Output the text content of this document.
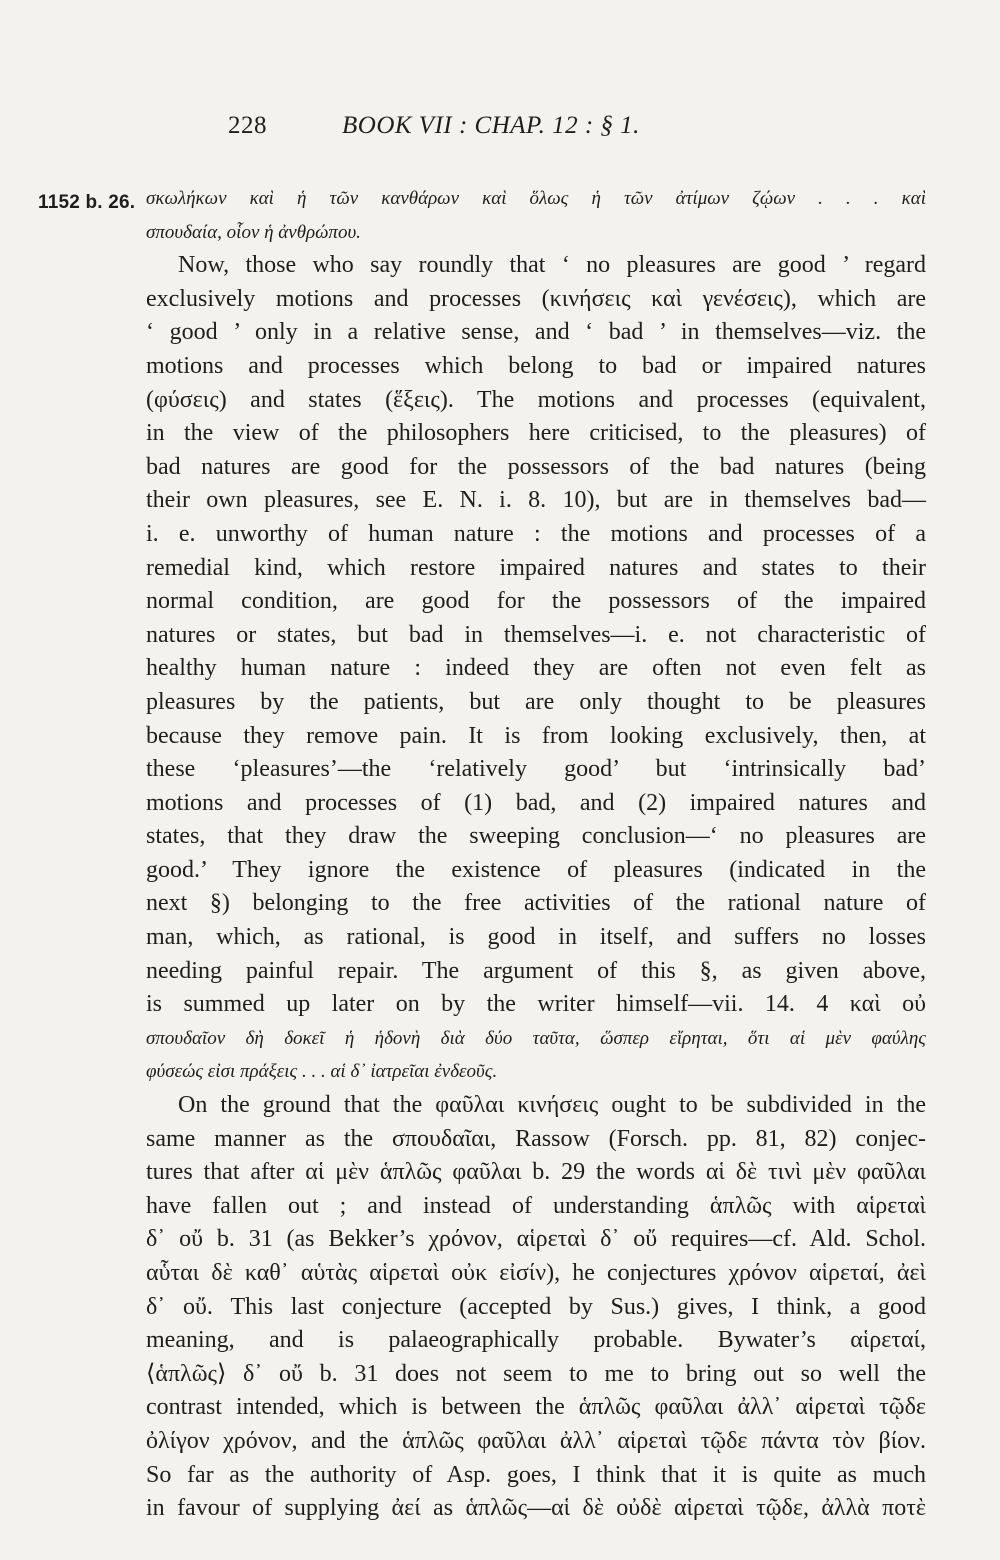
228	BOOK VII : CHAP. 12 : § 1.
1152 b. 26. σκωλήκων καὶ ἡ τῶν κανθάρων καὶ ὅλως ἡ τῶν ἀτίμων ζῴων . . . καὶ
σπουδαία, οἷον ἡ ἀνθρώπου.
Now, those who say roundly that ‘ no pleasures are good ’ regard
exclusively motions and processes (κινήσεις καὶ γενέσεις), which are
‘ good ’ only in a relative sense, and ‘ bad ’ in themselves—viz. the
motions and processes which belong to bad or impaired natures
(φύσεις) and states (ἕξεις). The motions and processes (equivalent,
in the view of the philosophers here criticised, to the pleasures) of
bad natures are good for the possessors of the bad natures (being
their own pleasures, see E. N. i. 8. 10), but are in themselves bad—
i. e. unworthy of human nature : the motions and processes of a
remedial kind, which restore impaired natures and states to their
normal condition, are good for the possessors of the impaired
natures or states, but bad in themselves—i. e. not characteristic of
healthy human nature : indeed they are often not even felt as
pleasures by the patients, but are only thought to be pleasures
because they remove pain. It is from looking exclusively, then, at
these ‘pleasures’—the ‘relatively good’ but ‘intrinsically bad’
motions and processes of (1) bad, and (2) impaired natures and
states, that they draw the sweeping conclusion—‘ no pleasures are
good.’ They ignore the existence of pleasures (indicated in the
next §) belonging to the free activities of the rational nature of
man, which, as rational, is good in itself, and suffers no losses
needing painful repair. The argument of this §, as given above,
is summed up later on by the writer himself—vii. 14. 4 καὶ οὐ
σπουδαῖον δὴ δοκεῖ ἡ ἡδονὴ διὰ δύο ταῦτα, ὥσπερ εἴρηται, ὅτι αἱ μὲν φαύλης
φύσεώς εἰσι πράξεις . . . αἱ δ᾽ ἰατρεῖαι ἐνδεοῦς.
On the ground that the φαῦλαι κινήσεις ought to be subdivided in the
same manner as the σπουδαῖαι, Rassow (Forsch. pp. 81, 82) conjec-
tures that after αἱ μὲν ἁπλῶς φαῦλαι b. 29 the words αἱ δὲ τινὶ μὲν φαῦλαι
have fallen out ; and instead of understanding ἁπλῶς with αἱρεταὶ
δ᾽ οὔ b. 31 (as Bekker’s χρόνον, αἱρεταὶ δ᾽ οὔ requires—cf. Ald. Schol.
αὗται δὲ καθ᾽ αὑτὰς αἱρεταὶ οὐκ εἰσίν), he conjectures χρόνον αἱρεταί, ἀεὶ
δ᾽ οὔ. This last conjecture (accepted by Sus.) gives, I think, a good
meaning, and is palaeographically probable. Bywater’s αἱρεταί,
⟨ἁπλῶς⟩ δ᾽ οὔ b. 31 does not seem to me to bring out so well the
contrast intended, which is between the ἁπλῶς φαῦλαι ἀλλ᾽ αἱρεταὶ τῷδε
ὀλίγον χρόνον, and the ἁπλῶς φαῦλαι ἀλλ᾽ αἱρεταὶ τῷδε πάντα τὸν βίον.
So far as the authority of Asp. goes, I think that it is quite as much
in favour of supplying ἀεί as ἁπλῶς—αἱ δὲ οὐδὲ αἱρεταὶ τῷδε, ἀλλὰ ποτὲ
